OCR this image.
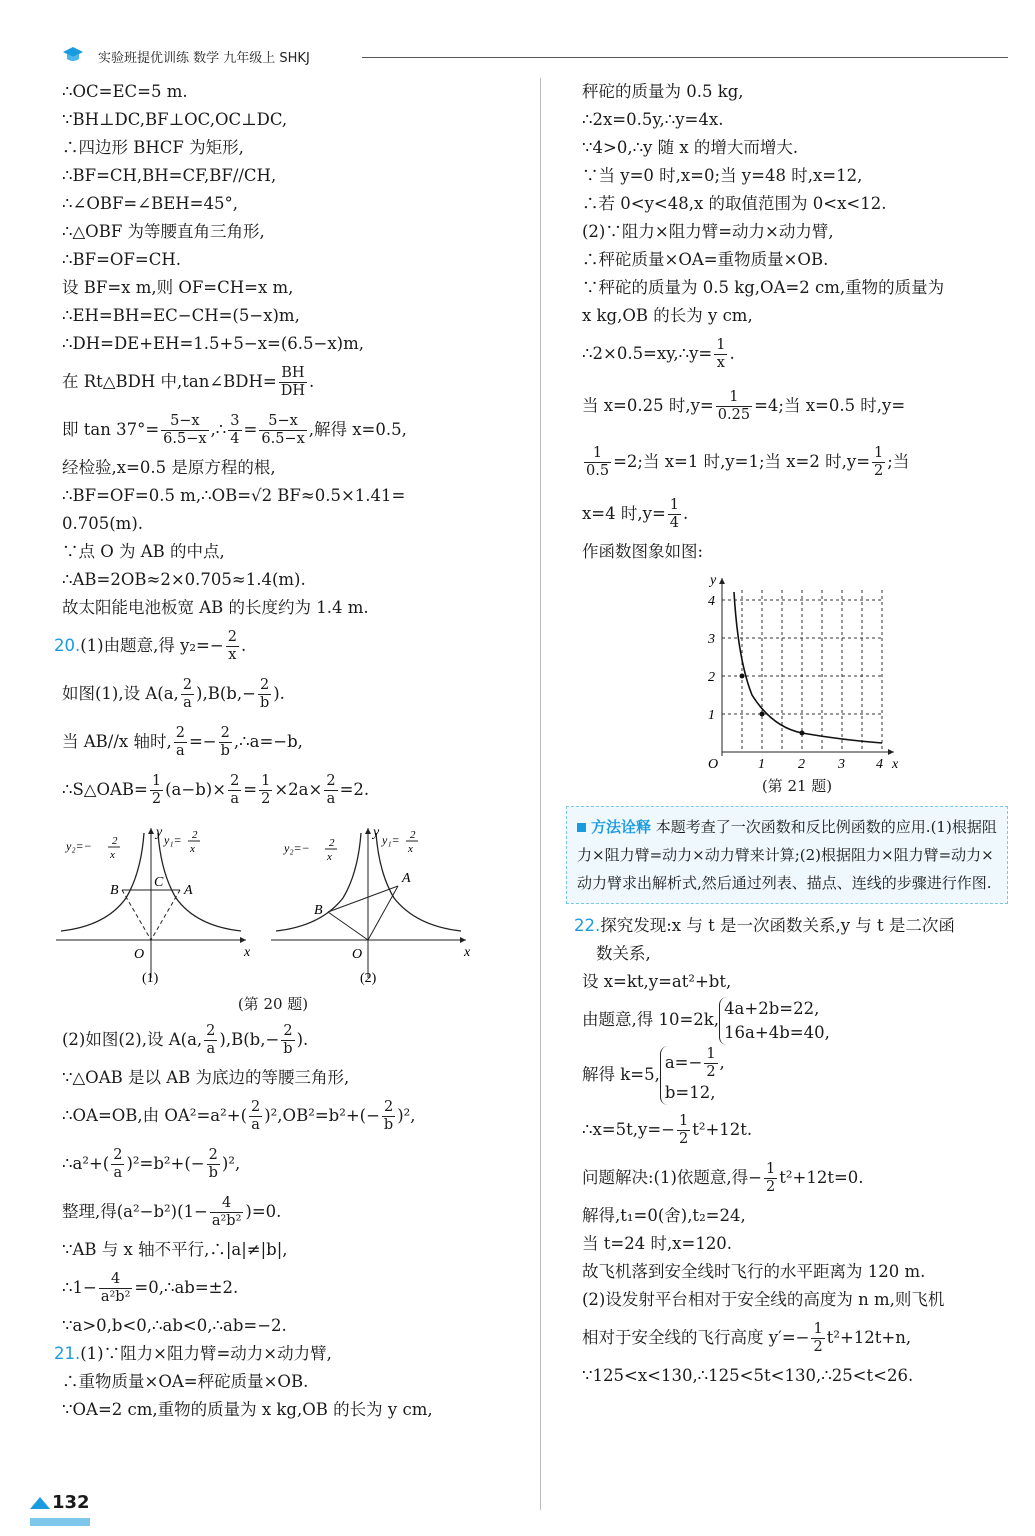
实验班提优训练 数学 九年级上 SHKJ
∴OC=EC=5 m.
∵BH⊥DC,BF⊥OC,OC⊥DC,
∴四边形 BHCF 为矩形,
∴BF=CH,BH=CF,BF//CH,
∴∠OBF=∠BEH=45°,
∴△OBF 为等腰直角三角形,
∴BF=OF=CH.
设 BF=x m,则 OF=CH=x m,
∴EH=BH=EC−CH=(5−x)m,
∴DH=DE+EH=1.5+5−x=(6.5−x)m,
在 Rt△BDH 中,tan∠BDH= $\frac{BH}{DH}$ .
即 $\tan 37^\circ= \frac{5-x}{6.5-x}$ ,∴ $\frac{3}{4} = \frac{5-x}{6.5-x}$ ,解得 x=0.5,
经检验,x=0.5 是原方程的根,
∴BF=OF=0.5 m,∴OB=√2 BF≈0.5×1.41=
0.705(m).
∵点 O 为 AB 的中点,
∴AB=2OB≈2×0.705≈1.4(m).
故太阳能电池板宽 AB 的长度约为 1.4 m.
20.(1)由题意,得 $y_2=- \frac{2}{x}$ .
如图(1),设 A(a, $\frac{2}{a} ),B(b,- \frac{2}{b}$ ).
当 AB//x 轴时, $\frac{2}{a} =- \frac{2}{b}$ ,∴a=−b,
∴S△OAB= $\frac{1}{2} (a-b)\times \frac{2}{a} = \frac{1}{2} \times 2a\times \frac{2}{a} =2$.
B
C
A
O	x
y
y₂=− 2
x
y₁= 2
x
(1)
B
A
O	x
y
y₂=− 2
x
y₁= 2
x
(2)
(第 20 题)
(2)如图(2),设 A(a, $\frac{2}{a} ),B(b,- \frac{2}{b}$ ).
∵△OAB 是以 AB 为底边的等腰三角形,
∴OA=OB,由 $OA^2=a^2+( \frac{2}{a} )^2,OB^2=b^2+(- \frac{2}{b} )^2$,
∴a²+( $\frac{2}{a} )^2=b^2+(- \frac{2}{b} )^2$,
整理,得$(a^2-b^2)(1- \frac{4}{\text{a²b²}} )=0$.
∵AB 与 x 轴不平行,∴|a|≠|b|,
∴1− $\frac{4}{\text{a²b²}}$ =0,∴ab=±2.
∵a>0,b<0,∴ab<0,∴ab=−2.
21.(1)∵阻力×阻力臂=动力×动力臂,
∴重物质量×OA=秤砣质量×OB.
∵OA=2 cm,重物的质量为 x kg,OB 的长为 y cm,
秤砣的质量为 0.5 kg,
∴2x=0.5y,∴y=4x.
∵4>0,∴y 随 x 的增大而增大.
∵当 y=0 时,x=0;当 y=48 时,x=12,
∴若 0<y<48,x 的取值范围为 0<x<12.
(2)∵阻力×阻力臂=动力×动力臂,
∴秤砣质量×OA=重物质量×OB.
∵秤砣的质量为 0.5 kg,OA=2 cm,重物的质量为
x kg,OB 的长为 y cm,
∴2×0.5=xy,∴y= $\frac{1}{x}$ .
当 x=0.25 时$,y= \frac{1}{0.25} =4$;当 x=0.5 时,y=
$\frac{1}{0.5} =2$;当 x=1 时,y=1;当 x=2 时$,y= \frac{1}{2}$ ;当
x=4 时$,y= \frac{1}{4}$ .
作函数图象如图:
y
x
O
4
3
2
1
1 2 3 4
(第 21 题)
方法诠释 本题考查了一次函数和反比例函数的应用.(1)根据阻力×阻力臂=动力×动力臂来计算;(2)根据阻力×阻力臂=动力×动力臂求出解析式,然后通过列表、描点、连线的步骤进行作图.
22.探究发现:x 与 t 是一次函数关系,y 与 t 是二次函
数关系,
设 x=kt,y=at²+bt,
由题意,得 10=2k,
4a+2b=22,
16a+4b=40,
解得 k=5,
$a=- \frac{1}{2}$ ,
b=12,
∴x=5t,y=− $\frac{1}{2} t^2+12t$.
问题解决:(1)依题意,得− $\frac{1}{2} t^2+12t=0$.
解得,t₁=0(舍),t₂=24,
当 t=24 时,x=120.
故飞机落到安全线时飞行的水平距离为 120 m.
(2)设发射平台相对于安全线的高度为 n m,则飞机
相对于安全线的飞行高度 $y'=- \frac{1}{2} t^2+12t+n$,
∵125<x<130,∴125<5t<130,∴25<t<26.
132
